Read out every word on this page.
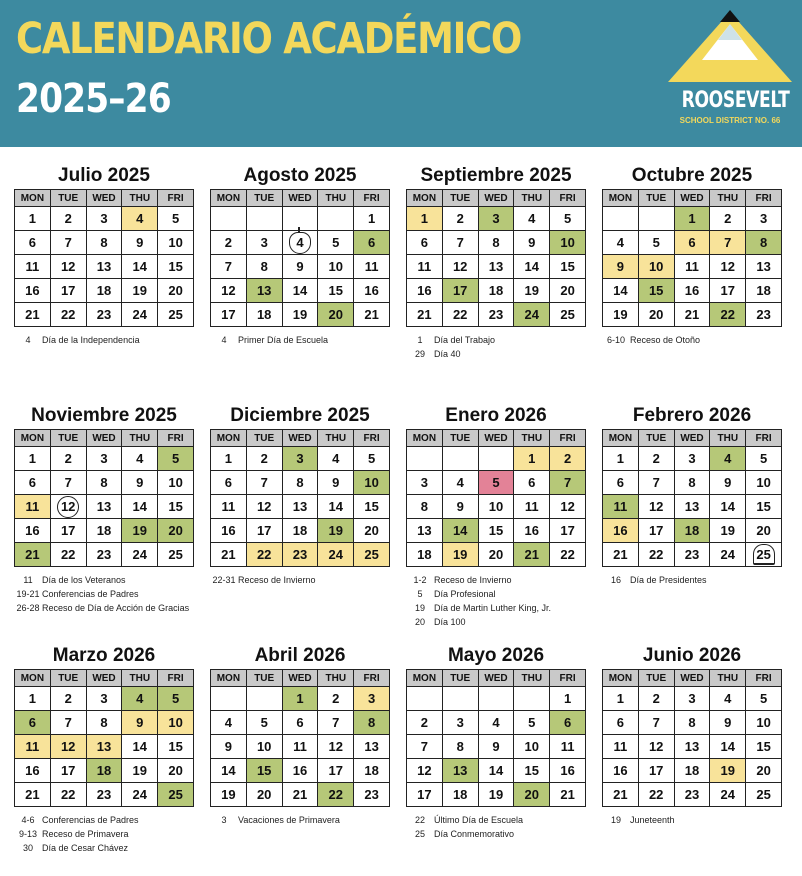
CALENDARIO ACADÉMICO
2025–26	ROOSEVELT
SCHOOL DISTRICT NO. 66
Julio 2025
MON	TUE	WED	THU	FRI
1	2	3	4	5
6	7	8	9	10
11	12	13	14	15
16	17	18	19	20
21	22	23	24	25
4	Día de la Independencia
Agosto 2025
MON	TUE	WED	THU	FRI
				1
2	3	4	5	6
7	8	9	10	11
12	13	14	15	16
17	18	19	20	21
4	Primer Día de Escuela
Septiembre 2025
MON	TUE	WED	THU	FRI
1	2	3	4	5
6	7	8	9	10
11	12	13	14	15
16	17	18	19	20
21	22	23	24	25
1	Día del Trabajo
29	Día 40
Octubre 2025
MON	TUE	WED	THU	FRI
		1	2	3
4	5	6	7	8
9	10	11	12	13
14	15	16	17	18
19	20	21	22	23
6-10 Receso de Otoño
Noviembre 2025
MON	TUE	WED	THU	FRI
1	2	3	4	5
6	7	8	9	10
11	12	13	14	15
16	17	18	19	20
21	22	23	24	25
11	Día de los Veteranos
19-21 Conferencias de Padres
26-28 Receso de Día de Acción de Gracias
Diciembre 2025
MON	TUE	WED	THU	FRI
1	2	3	4	5
6	7	8	9	10
11	12	13	14	15
16	17	18	19	20
21	22	23	24	25
22-31 Receso de Invierno
Enero 2026
MON	TUE	WED	THU	FRI
			1	2
3	4	5	6	7
8	9	10	11	12
13	14	15	16	17
18	19	20	21	22
1-2 Receso de Invierno
5	Día Profesional
19	Día de Martin Luther King, Jr.
20	Día 100
Febrero 2026
MON	TUE	WED	THU	FRI
1	2	3	4	5
6	7	8	9	10
11	12	13	14	15
16	17	18	19	20
21	22	23	24	25
16	Día de Presidentes
Marzo 2026
MON	TUE	WED	THU	FRI
1	2	3	4	5
6	7	8	9	10
11	12	13	14	15
16	17	18	19	20
21	22	23	24	25
4-6 Conferencias de Padres
9-13 Receso de Primavera
30	Día de Cesar Chávez
Abril 2026
MON	TUE	WED	THU	FRI
		1	2	3
4	5	6	7	8
9	10	11	12	13
14	15	16	17	18
19	20	21	22	23
3	Vacaciones de Primavera
Mayo 2026
MON	TUE	WED	THU	FRI
				1
2	3	4	5	6
7	8	9	10	11
12	13	14	15	16
17	18	19	20	21
22	Último Día de Escuela
25	Día Conmemorativo
Junio 2026
MON	TUE	WED	THU	FRI
1	2	3	4	5
6	7	8	9	10
11	12	13	14	15
16	17	18	19	20
21	22	23	24	25
19	Juneteenth
